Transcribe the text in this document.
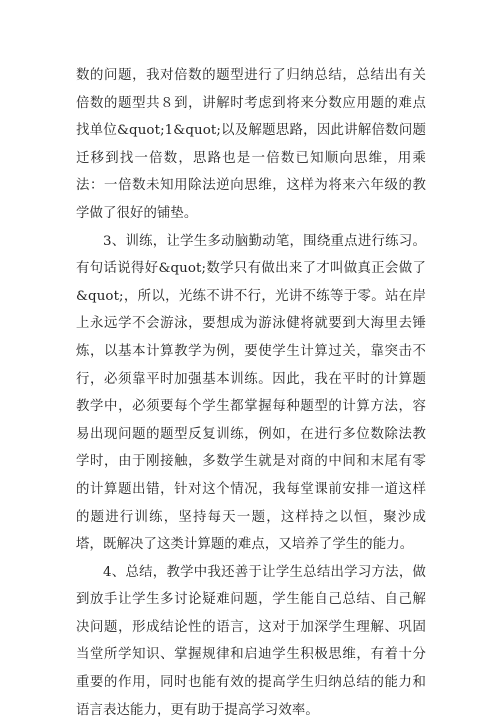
数的问题，我对倍数的题型进行了归纳总结，总结出有关倍数的题型共８到，讲解时考虑到将来分数应用题的难点找单位&quot;1&quot;以及解题思路，因此讲解倍数问题迁移到找一倍数，思路也是一倍数已知顺向思维，用乘法：一倍数未知用除法逆向思维，这样为将来六年级的教学做了很好的铺垫。

3、训练，让学生多动脑勤动笔，围绕重点进行练习。有句话说得好&quot;数学只有做出来了才叫做真正会做了&quot;，所以，光练不讲不行，光讲不练等于零。站在岸上永远学不会游泳，要想成为游泳健将就要到大海里去锤炼，以基本计算教学为例，要使学生计算过关，靠突击不行，必须靠平时加强基本训练。因此，我在平时的计算题教学中，必须要每个学生都掌握每种题型的计算方法，容易出现问题的题型反复训练，例如，在进行多位数除法教学时，由于刚接触，多数学生就是对商的中间和末尾有零的计算题出错，针对这个情况，我每堂课前安排一道这样的题进行训练，坚持每天一题，这样持之以恒，聚沙成塔，既解决了这类计算题的难点，又培养了学生的能力。

4、总结，教学中我还善于让学生总结出学习方法，做到放手让学生多讨论疑难问题，学生能自己总结、自己解决问题，形成结论性的语言，这对于加深学生理解、巩固当堂所学知识、掌握规律和启迪学生积极思维，有着十分重要的作用，同时也能有效的提高学生归纳总结的能力和语言表达能力，更有助于提高学习效率。
